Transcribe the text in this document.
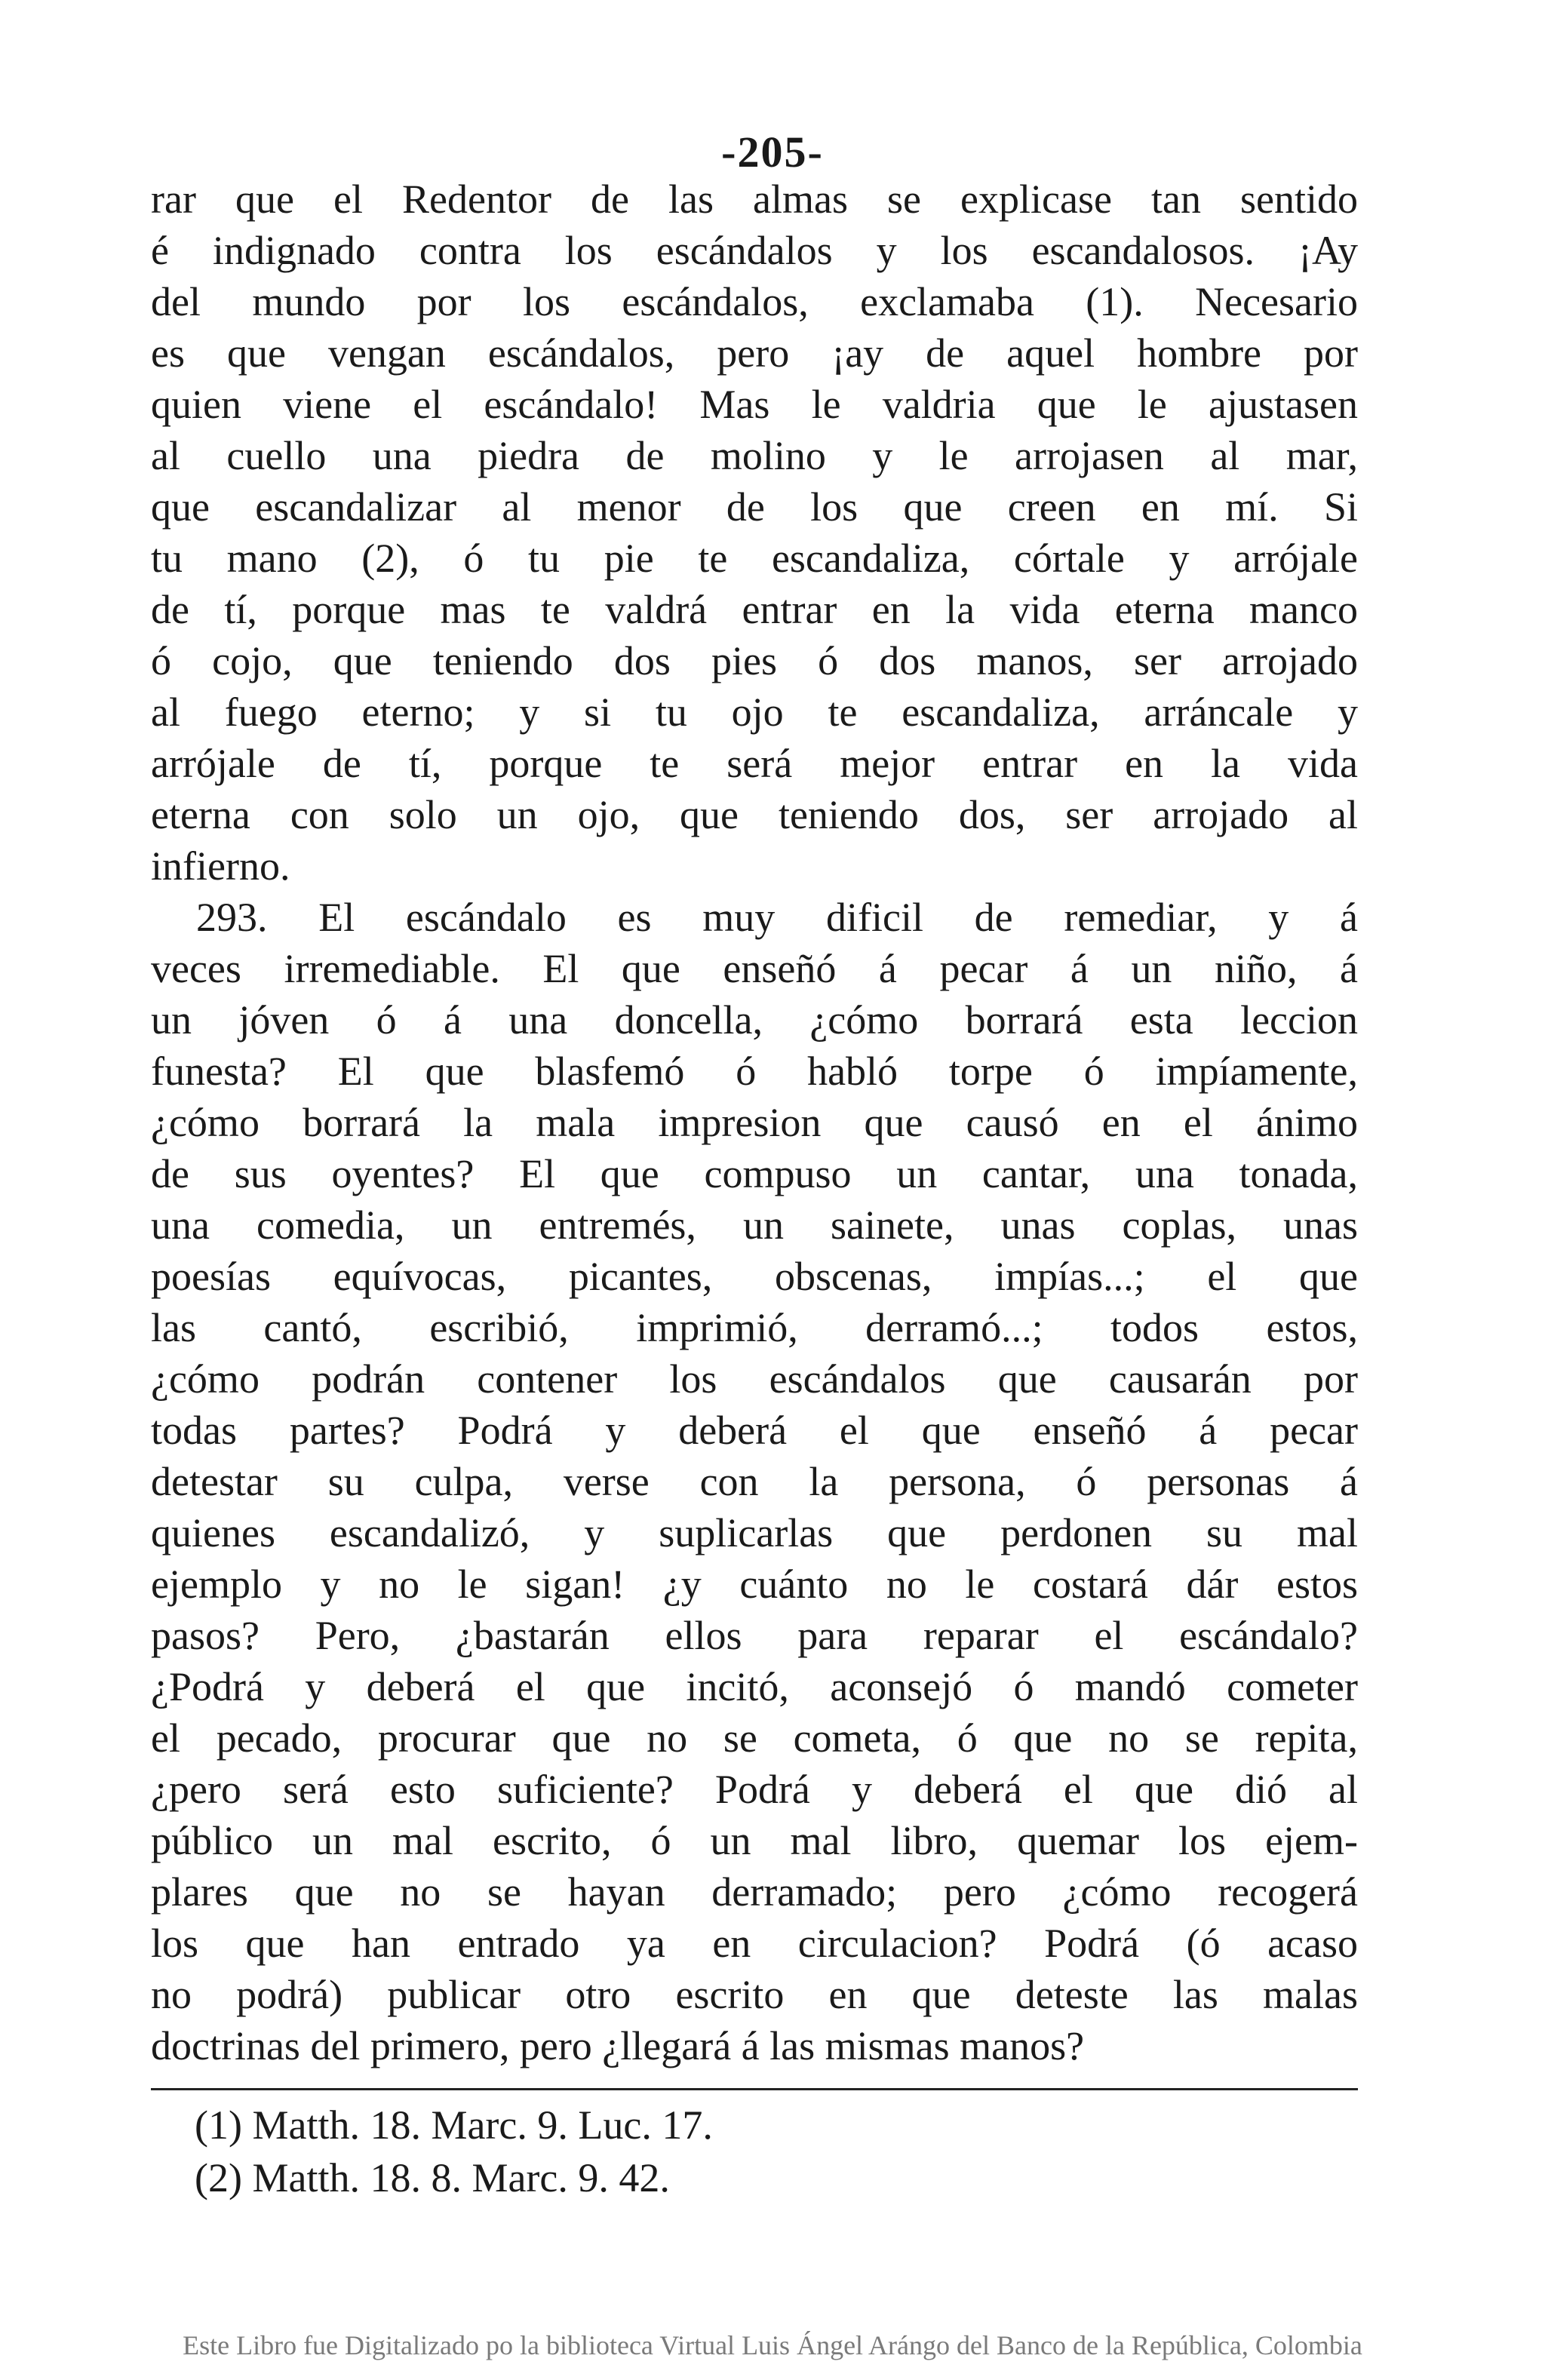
-205-
rar que el Redentor de las almas se explicase tan sentido
é indignado contra los escándalos y los escandalosos. ¡Ay
del mundo por los escándalos, exclamaba (1). Necesario
es que vengan escándalos, pero ¡ay de aquel hombre por
quien viene el escándalo! Mas le valdria que le ajustasen
al cuello una piedra de molino y le arrojasen al mar,
que escandalizar al menor de los que creen en mí. Si
tu mano (2), ó tu pie te escandaliza, córtale y arrójale
de tí, porque mas te valdrá entrar en la vida eterna manco
ó cojo, que teniendo dos pies ó dos manos, ser arrojado
al fuego eterno; y si tu ojo te escandaliza, arráncale y
arrójale de tí, porque te será mejor entrar en la vida
eterna con solo un ojo, que teniendo dos, ser arrojado al
infierno.
293. El escándalo es muy dificil de remediar, y á
veces irremediable. El que enseñó á pecar á un niño, á
un jóven ó á una doncella, ¿cómo borrará esta leccion
funesta? El que blasfemó ó habló torpe ó impíamente,
¿cómo borrará la mala impresion que causó en el ánimo
de sus oyentes? El que compuso un cantar, una tonada,
una comedia, un entremés, un sainete, unas coplas, unas
poesías equívocas, picantes, obscenas, impías...; el que
las cantó, escribió, imprimió, derramó...; todos estos,
¿cómo podrán contener los escándalos que causarán por
todas partes? Podrá y deberá el que enseñó á pecar
detestar su culpa, verse con la persona, ó personas á
quienes escandalizó, y suplicarlas que perdonen su mal
ejemplo y no le sigan! ¿y cuánto no le costará dár estos
pasos? Pero, ¿bastarán ellos para reparar el escándalo?
¿Podrá y deberá el que incitó, aconsejó ó mandó cometer
el pecado, procurar que no se cometa, ó que no se repita,
¿pero será esto suficiente? Podrá y deberá el que dió al
público un mal escrito, ó un mal libro, quemar los ejem-
plares que no se hayan derramado; pero ¿cómo recogerá
los que han entrado ya en circulacion? Podrá (ó acaso
no podrá) publicar otro escrito en que deteste las malas
doctrinas del primero, pero ¿llegará á las mismas manos?
(1) Matth. 18. Marc. 9. Luc. 17.
(2) Matth. 18. 8. Marc. 9. 42.
Este Libro fue Digitalizado po la biblioteca Virtual Luis Ángel Arángo del Banco de la República, Colombia
